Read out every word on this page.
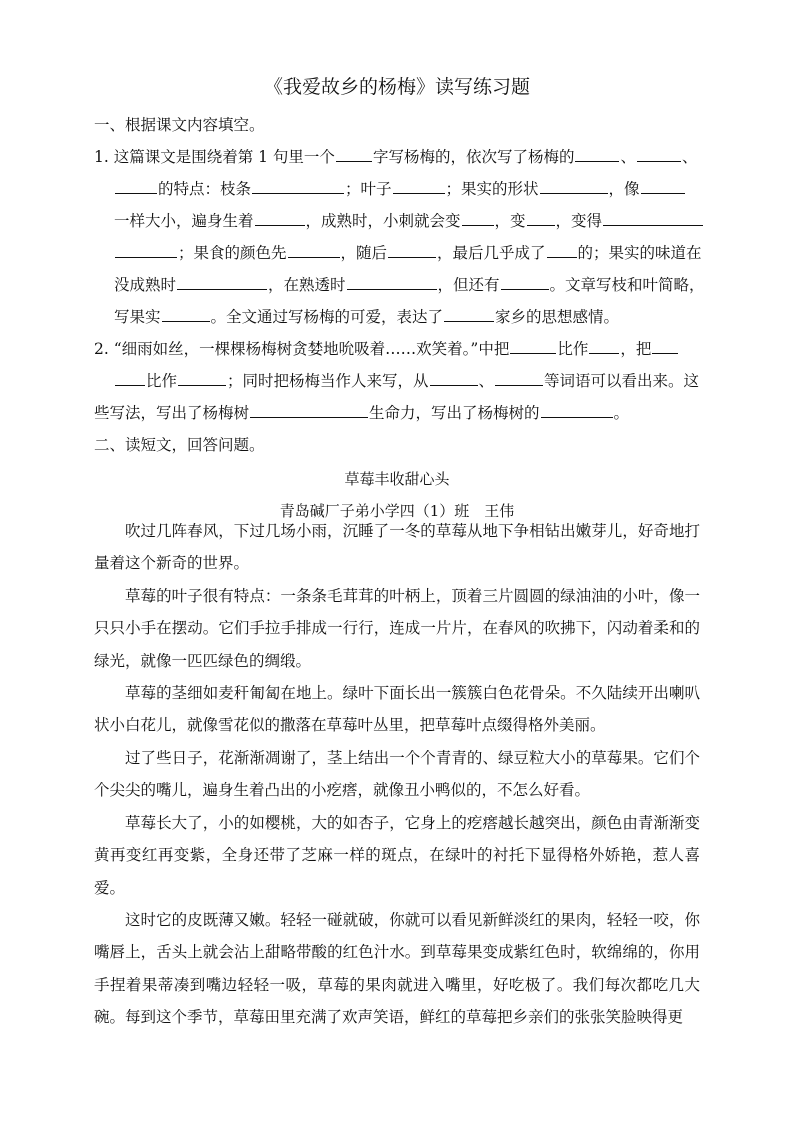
《我爱故乡的杨梅》读写练习题
一、根据课文内容填空。
1. 这篇课文是围绕着第 1 句里一个 字写杨梅的，依次写了杨梅的	、	、
的特点：枝条	；叶子	；果实的形状	，像
一样大小，遍身生着	，成熟时，小刺就会变 ，变 ，变得
；果食的颜色先	，随后	，最后几乎成了 的；果实的味道在
没成熟时	，在熟透时	，但还有	。文章写枝和叶简略，
写果实	。全文通过写杨梅的可爱，表达了	家乡的思想感情。
2. “细雨如丝，一棵棵杨梅树贪婪地吮吸着……欢笑着。”中把	比作 ，把
比作	；同时把杨梅当作人来写，从	、	等词语可以看出来。这
些写法，写出了杨梅树	生命力，写出了杨梅树的	。
二、读短文，回答问题。
草莓丰收甜心头
青岛碱厂子弟小学四（1）班　王伟

吹过几阵春风，下过几场小雨，沉睡了一冬的草莓从地下争相钻出嫩芽儿，好奇地打量着这个新奇的世界。

草莓的叶子很有特点：一条条毛茸茸的叶柄上，顶着三片圆圆的绿油油的小叶，像一只只小手在摆动。它们手拉手排成一行行，连成一片片，在春风的吹拂下，闪动着柔和的绿光，就像一匹匹绿色的绸缎。

草莓的茎细如麦秆匍匐在地上。绿叶下面长出一簇簇白色花骨朵。不久陆续开出喇叭状小白花儿，就像雪花似的撒落在草莓叶丛里，把草莓叶点缀得格外美丽。

过了些日子，花渐渐凋谢了，茎上结出一个个青青的、绿豆粒大小的草莓果。它们个个尖尖的嘴儿，遍身生着凸出的小疙瘩，就像丑小鸭似的，不怎么好看。

草莓长大了，小的如樱桃，大的如杏子，它身上的疙瘩越长越突出，颜色由青渐渐变黄再变红再变紫，全身还带了芝麻一样的斑点，在绿叶的衬托下显得格外娇艳，惹人喜爱。

这时它的皮既薄又嫩。轻轻一碰就破，你就可以看见新鲜淡红的果肉，轻轻一咬，你嘴唇上，舌头上就会沾上甜略带酸的红色汁水。到草莓果变成紫红色时，软绵绵的，你用手捏着果蒂凑到嘴边轻轻一吸，草莓的果肉就进入嘴里，好吃极了。我们每次都吃几大碗。 每到这个季节，草莓田里充满了欢声笑语，鲜红的草莓把乡亲们的张张笑脸映得更
